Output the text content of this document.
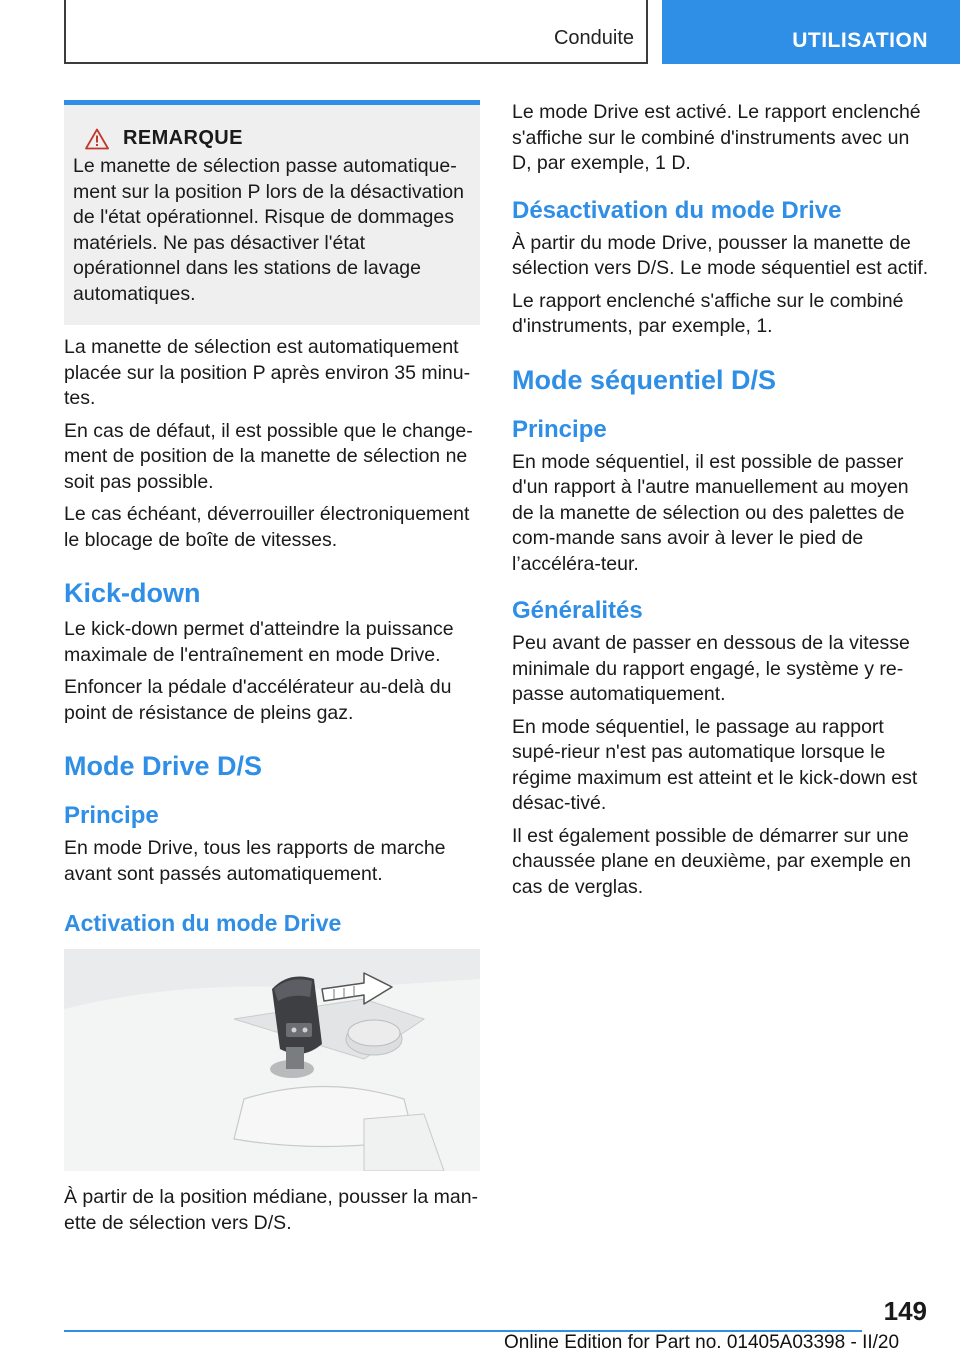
Conduite	UTILISATION
REMARQUE

Le manette de sélection passe automatique-ment sur la position P lors de la désactivation de l'état opérationnel. Risque de dommages matériels. Ne pas désactiver l'état opérationnel dans les stations de lavage automatiques.

La manette de sélection est automatiquement placée sur la position P après environ 35 minu-tes.

En cas de défaut, il est possible que le change-ment de position de la manette de sélection ne soit pas possible.

Le cas échéant, déverrouiller électroniquement le blocage de boîte de vitesses.

Kick-down

Le kick-down permet d'atteindre la puissance maximale de l'entraînement en mode Drive.

Enfoncer la pédale d'accélérateur au-delà du point de résistance de pleins gaz.

Mode Drive D/S
Principe

En mode Drive, tous les rapports de marche avant sont passés automatiquement.

Activation du mode Drive

À partir de la position médiane, pousser la man-ette de sélection vers D/S.

Le mode Drive est activé. Le rapport enclenché s'affiche sur le combiné d'instruments avec un D, par exemple, 1 D.

Désactivation du mode Drive

À partir du mode Drive, pousser la manette de sélection vers D/S. Le mode séquentiel est actif.

Le rapport enclenché s'affiche sur le combiné d'instruments, par exemple, 1.

Mode séquentiel D/S
Principe

En mode séquentiel, il est possible de passer d'un rapport à l'autre manuellement au moyen de la manette de sélection ou des palettes de com-mande sans avoir à lever le pied de l’accéléra-teur.

Généralités

Peu avant de passer en dessous de la vitesse minimale du rapport engagé, le système y re-passe automatiquement.

En mode séquentiel, le passage au rapport supé-rieur n'est pas automatique lorsque le régime maximum est atteint et le kick-down est désac-tivé.

Il est également possible de démarrer sur une chaussée plane en deuxième, par exemple en cas de verglas.

149
Online Edition for Part no. 01405A03398 - II/20
